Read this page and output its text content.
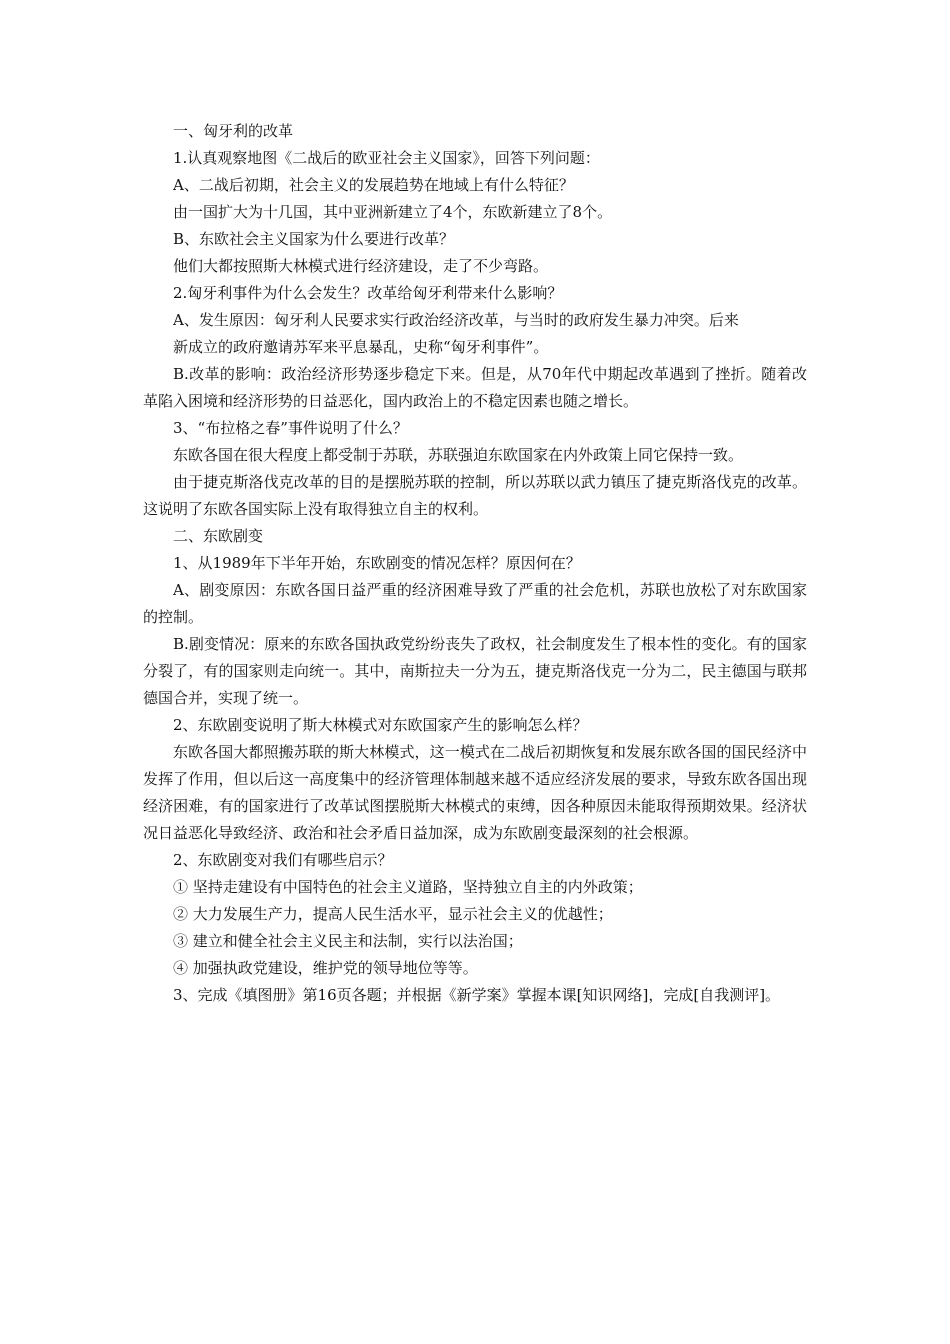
一、匈牙利的改革

1.认真观察地图《二战后的欧亚社会主义国家》，回答下列问题：

A、二战后初期，社会主义的发展趋势在地域上有什么特征？

由一国扩大为十几国，其中亚洲新建立了4个，东欧新建立了8个。

B、东欧社会主义国家为什么要进行改革？

他们大都按照斯大林模式进行经济建设，走了不少弯路。

2.匈牙利事件为什么会发生？改革给匈牙利带来什么影响？

A、发生原因：匈牙利人民要求实行政治经济改革，与当时的政府发生暴力冲突。后来

新成立的政府邀请苏军来平息暴乱，史称“匈牙利事件”。

B.改革的影响：政治经济形势逐步稳定下来。但是，从70年代中期起改革遇到了挫折。随着改革陷入困境和经济形势的日益恶化，国内政治上的不稳定因素也随之增长。

3、“布拉格之春”事件说明了什么？

东欧各国在很大程度上都受制于苏联，苏联强迫东欧国家在内外政策上同它保持一致。

由于捷克斯洛伐克改革的目的是摆脱苏联的控制，所以苏联以武力镇压了捷克斯洛伐克的改革。这说明了东欧各国实际上没有取得独立自主的权利。

二、东欧剧变

1、从1989年下半年开始，东欧剧变的情况怎样？原因何在？

A、剧变原因：东欧各国日益严重的经济困难导致了严重的社会危机，苏联也放松了对东欧国家的控制。

B.剧变情况：原来的东欧各国执政党纷纷丧失了政权，社会制度发生了根本性的变化。有的国家分裂了，有的国家则走向统一。其中，南斯拉夫一分为五，捷克斯洛伐克一分为二，民主德国与联邦德国合并，实现了统一。

2、东欧剧变说明了斯大林模式对东欧国家产生的影响怎么样？

东欧各国大都照搬苏联的斯大林模式，这一模式在二战后初期恢复和发展东欧各国的国民经济中发挥了作用，但以后这一高度集中的经济管理体制越来越不适应经济发展的要求，导致东欧各国出现经济困难，有的国家进行了改革试图摆脱斯大林模式的束缚，因各种原因未能取得预期效果。经济状况日益恶化导致经济、政治和社会矛盾日益加深，成为东欧剧变最深刻的社会根源。

2、东欧剧变对我们有哪些启示？

① 坚持走建设有中国特色的社会主义道路，坚持独立自主的内外政策；

② 大力发展生产力，提高人民生活水平，显示社会主义的优越性；

③ 建立和健全社会主义民主和法制，实行以法治国；

④ 加强执政党建设，维护党的领导地位等等。

3、完成《填图册》第16页各题；并根据《新学案》掌握本课[知识网络]，完成[自我测评]。
